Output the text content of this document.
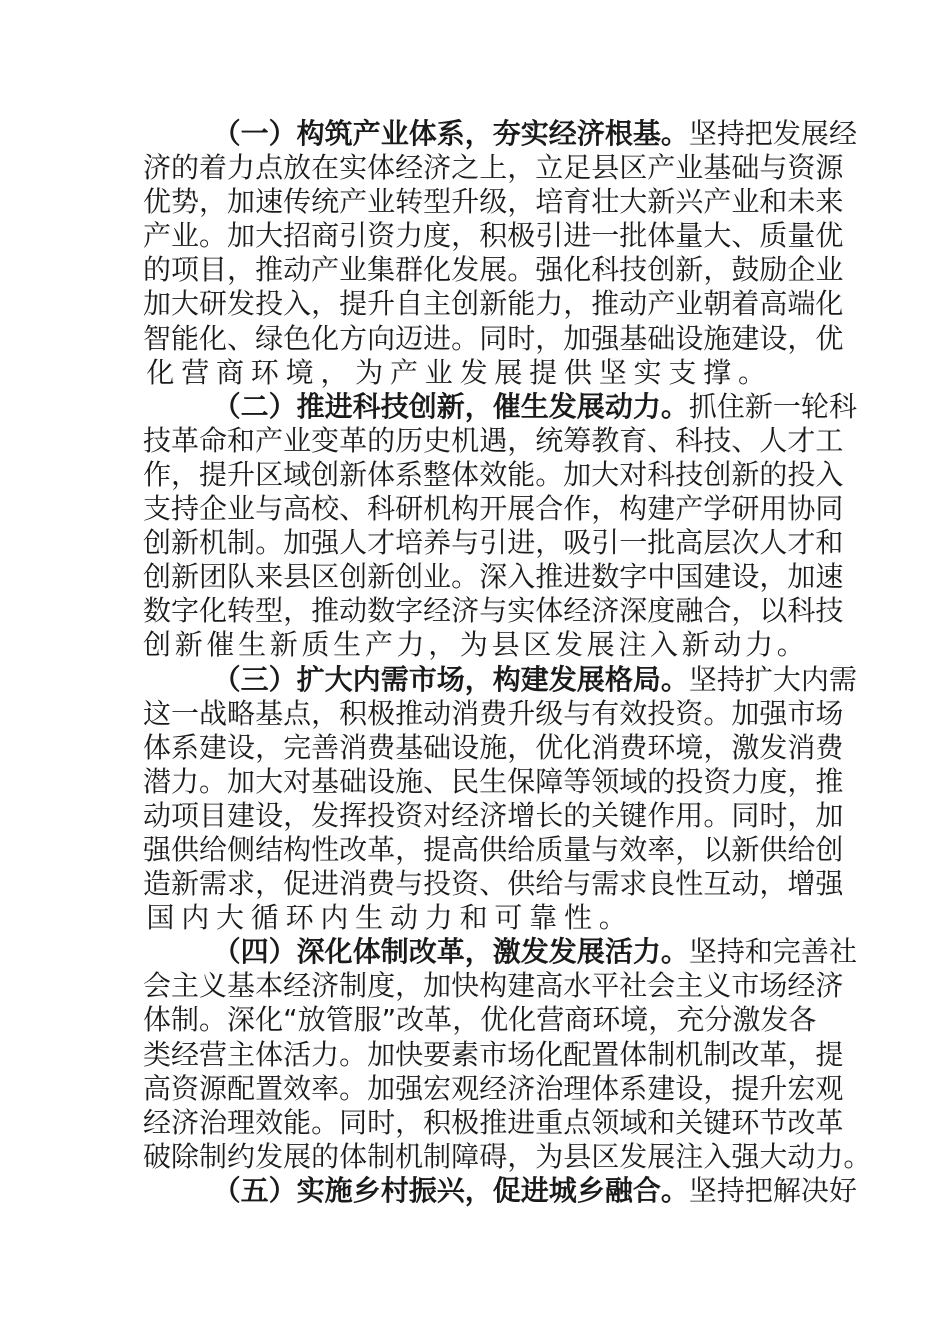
（ 一 ） 构 筑 产 业 体 系 ， 夯 实 经 济 根 基 。 坚 持 把 发 展 经
济 的 着 力 点 放 在 实 体 经 济 之 上 ， 立 足 县 区 产 业 基 础 与 资 源
优 势 ， 加 速 传 统 产 业 转 型 升 级 ， 培 育 壮 大 新 兴 产 业 和 未 来
产 业 。 加 大 招 商 引 资 力 度 ， 积 极 引 进 一 批 体 量 大 、 质 量 优
的 项 目 ， 推 动 产 业 集 群 化 发 展 。 强 化 科 技 创 新 ， 鼓 励 企 业
加 大 研 发 投 入 ， 提 升 自 主 创 新 能 力 ， 推 动 产 业 朝 着 高 端 化
智 能 化 、 绿 色 化 方 向 迈 进 。 同 时 ， 加 强 基 础 设 施 建 设 ， 优
化 营 商 环 境 ， 为 产 业 发 展 提 供 坚 实 支 撑 。
（ 二 ） 推 进 科 技 创 新 ， 催 生 发 展 动 力 。 抓 住 新 一 轮 科
技 革 命 和 产 业 变 革 的 历 史 机 遇 ， 统 筹 教 育 、 科 技 、 人 才 工
作 ， 提 升 区 域 创 新 体 系 整 体 效 能 。 加 大 对 科 技 创 新 的 投 入
支 持 企 业 与 高 校 、 科 研 机 构 开 展 合 作 ， 构 建 产 学 研 用 协 同
创 新 机 制 。 加 强 人 才 培 养 与 引 进 ， 吸 引 一 批 高 层 次 人 才 和
创 新 团 队 来 县 区 创 新 创 业 。 深 入 推 进 数 字 中 国 建 设 ， 加 速
数 字 化 转 型 ， 推 动 数 字 经 济 与 实 体 经 济 深 度 融 合 ， 以 科 技
创 新 催 生 新 质 生 产 力 ， 为 县 区 发 展 注 入 新 动 力 。
（ 三 ） 扩 大 内 需 市 场 ， 构 建 发 展 格 局 。 坚 持 扩 大 内 需
这 一 战 略 基 点 ， 积 极 推 动 消 费 升 级 与 有 效 投 资 。 加 强 市 场
体 系 建 设 ， 完 善 消 费 基 础 设 施 ， 优 化 消 费 环 境 ， 激 发 消 费
潜 力 。 加 大 对 基 础 设 施 、 民 生 保 障 等 领 域 的 投 资 力 度 ， 推
动 项 目 建 设 ， 发 挥 投 资 对 经 济 增 长 的 关 键 作 用 。 同 时 ， 加
强 供 给 侧 结 构 性 改 革 ， 提 高 供 给 质 量 与 效 率 ， 以 新 供 给 创
造 新 需 求 ， 促 进 消 费 与 投 资 、 供 给 与 需 求 良 性 互 动 ， 增 强
国 内 大 循 环 内 生 动 力 和 可 靠 性 。
（ 四 ） 深 化 体 制 改 革 ， 激 发 发 展 活 力 。 坚 持 和 完 善 社
会 主 义 基 本 经 济 制 度 ， 加 快 构 建 高 水 平 社 会 主 义 市 场 经 济
体 制 。 深 化 “ 放 管 服 ” 改 革 ， 优 化 营 商 环 境 ， 充 分 激 发 各
类 经 营 主 体 活 力 。 加 快 要 素 市 场 化 配 置 体 制 机 制 改 革 ， 提
高 资 源 配 置 效 率 。 加 强 宏 观 经 济 治 理 体 系 建 设 ， 提 升 宏 观
经 济 治 理 效 能 。 同 时 ， 积 极 推 进 重 点 领 域 和 关 键 环 节 改 革
破 除 制 约 发 展 的 体 制 机 制 障 碍 ， 为 县 区 发 展 注 入 强 大 动 力 。
（ 五 ） 实 施 乡 村 振 兴 ， 促 进 城 乡 融 合 。 坚 持 把 解 决 好
